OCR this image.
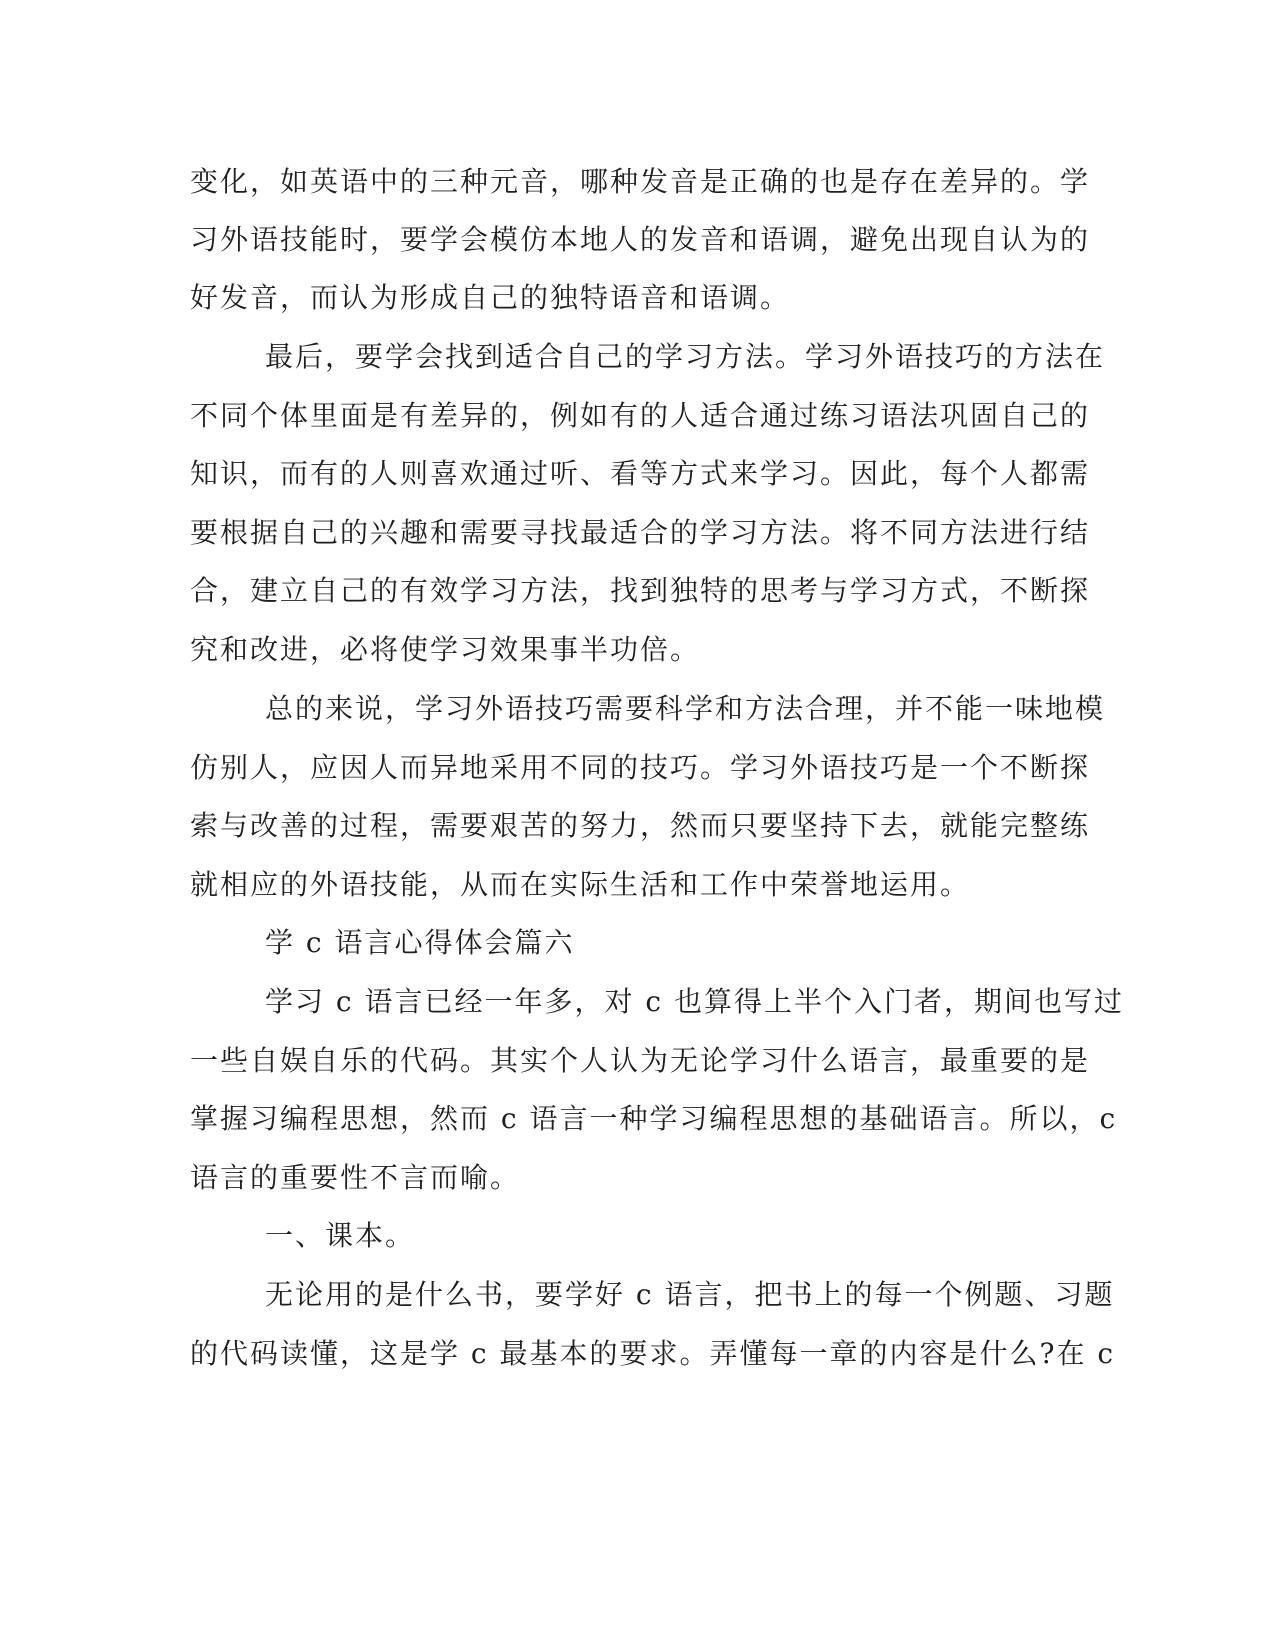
变化，如英语中的三种元音，哪种发音是正确的也是存在差异的。学

习外语技能时，要学会模仿本地人的发音和语调，避免出现自认为的

好发音，而认为形成自己的独特语音和语调。

最后，要学会找到适合自己的学习方法。学习外语技巧的方法在

不同个体里面是有差异的，例如有的人适合通过练习语法巩固自己的

知识，而有的人则喜欢通过听、看等方式来学习。因此，每个人都需

要根据自己的兴趣和需要寻找最适合的学习方法。将不同方法进行结

合，建立自己的有效学习方法，找到独特的思考与学习方式，不断探

究和改进，必将使学习效果事半功倍。

总的来说，学习外语技巧需要科学和方法合理，并不能一味地模

仿别人，应因人而异地采用不同的技巧。学习外语技巧是一个不断探

索与改善的过程，需要艰苦的努力，然而只要坚持下去，就能完整练

就相应的外语技能，从而在实际生活和工作中荣誉地运用。

学 c 语言心得体会篇六

学习 c 语言已经一年多，对 c 也算得上半个入门者，期间也写过

一些自娱自乐的代码。其实个人认为无论学习什么语言，最重要的是

掌握习编程思想，然而 c 语言一种学习编程思想的基础语言。所以，c

语言的重要性不言而喻。

一、课本。

无论用的是什么书，要学好 c 语言，把书上的每一个例题、习题

的代码读懂，这是学 c 最基本的要求。弄懂每一章的内容是什么?在 c
